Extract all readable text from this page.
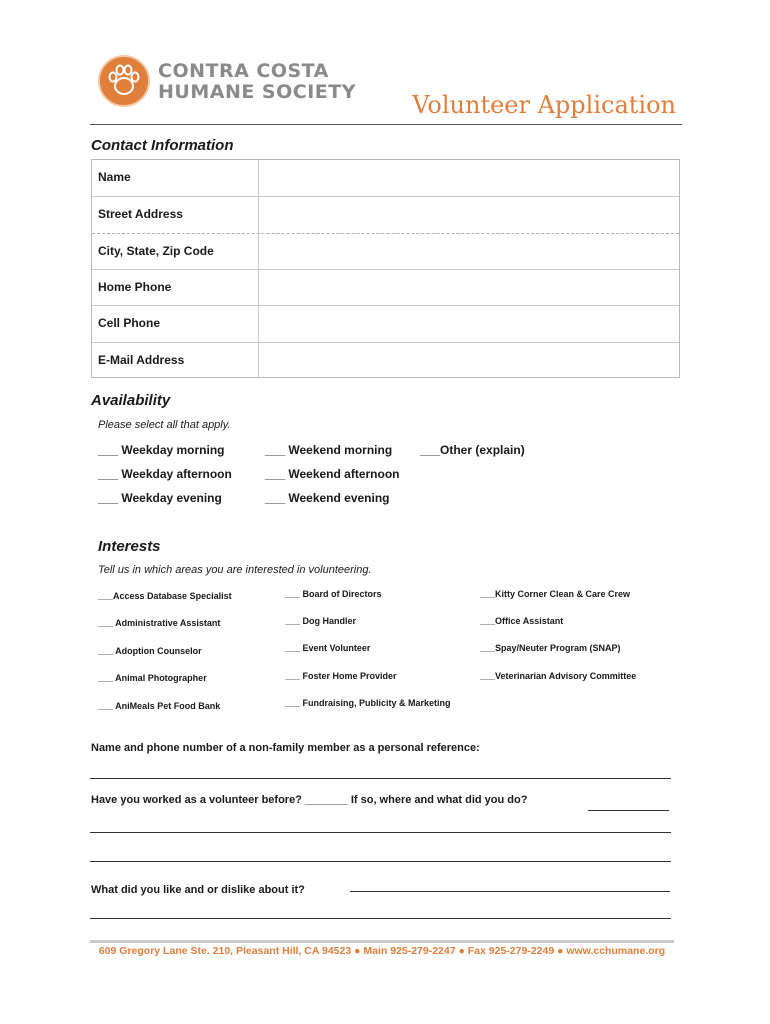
CONTRA COSTA
HUMANE SOCIETY Volunteer Application
Contact Information
Name
Street Address
City, State, Zip Code
Home Phone
Cell Phone
E-Mail Address
Availability
Please select all that apply.
___ Weekday morning	___ Weekend morning ___Other (explain)
___ Weekday afternoon	___ Weekend afternoon
___ Weekday evening	___ Weekend evening
Interests
Tell us in which areas you are interested in volunteering.
___Access Database Specialist	___ Board of Directors	___Kitty Corner Clean & Care Crew
___ Administrative Assistant	___ Dog Handler	___Office Assistant
___ Adoption Counselor	___ Event Volunteer	___Spay/Neuter Program (SNAP)
___ Animal Photographer	___ Foster Home Provider	___Veterinarian Advisory Committee
___ AniMeals Pet Food Bank	___ Fundraising, Publicity & Marketing
Name and phone number of a non-family member as a personal reference:
Have you worked as a volunteer before? _______ If so, where and what did you do?
What did you like and or dislike about it?
609 Gregory Lane Ste. 210, Pleasant Hill, CA 94523 ● Main 925-279-2247 ● Fax 925-279-2249 ● www.cchumane.org
